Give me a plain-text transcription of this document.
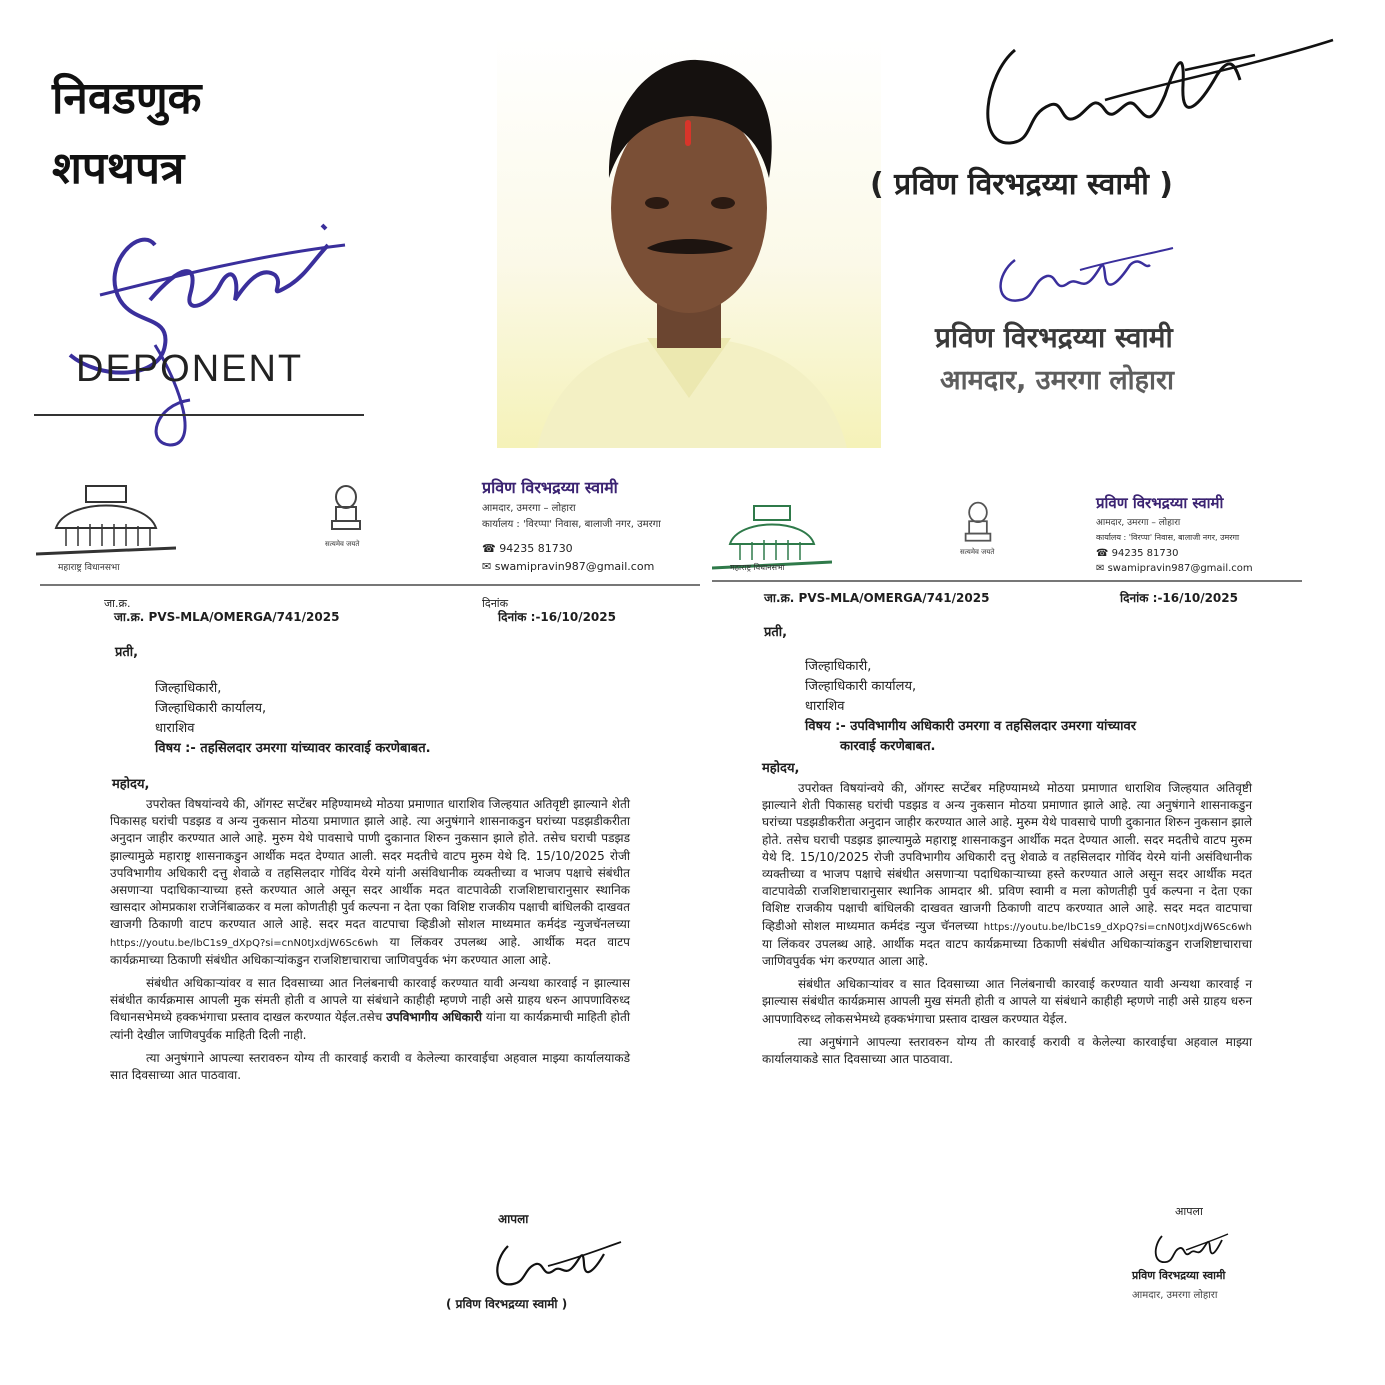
निवडणुक
शपथपत्र
DEPONENT
( प्रविण विरभद्रय्या स्वामी )
प्रविण विरभद्रय्या स्वामी
आमदार, उमरगा लोहारा
महाराष्ट्र विधानसभा
सत्यमेव जयते
प्रविण विरभद्रय्या स्वामी
आमदार, उमरगा – लोहारा
कार्यालय : 'विरप्पा' निवास, बालाजी नगर, उमरगा
☎ 94235 81730
✉ swamipravin987@gmail.com
जा.क्र.
जा.क्र. PVS-MLA/OMERGA/741/2025
दिनांक
दिनांक :-16/10/2025
प्रती,
जिल्हाधिकारी,
जिल्हाधिकारी कार्यालय,
धाराशिव
विषय :- तहसिलदार उमरगा यांच्यावर कारवाई करणेबाबत.
महोदय,

उपरोक्त विषयांन्वये की, ऑगस्ट सप्टेंबर महिण्यामध्ये मोठया प्रमाणात धाराशिव जिल्हयात अतिवृष्टी झाल्याने शेती पिकासह घरांची पडझड व अन्य नुकसान मोठया प्रमाणात झाले आहे. त्या अनुषंगाने शासनाकडुन घरांच्या पडझडीकरीता अनुदान जाहीर करण्यात आले आहे. मुरुम येथे पावसाचे पाणी दुकानात शिरुन नुकसान झाले होते. तसेच घराची पडझड झाल्यामुळे महाराष्ट्र शासनाकडुन आर्थीक मदत देण्यात आली. सदर मदतीचे वाटप मुरुम येथे दि. 15/10/2025 रोजी उपविभागीय अधिकारी दत्तु शेवाळे व तहसिलदार गोविंद येरमे यांनी असंविधानीक व्यक्तीच्या व भाजप पक्षाचे संबंधीत असणाऱ्या पदाधिकाऱ्याच्या हस्ते करण्यात आले असून सदर आर्थीक मदत वाटपावेळी राजशिष्टाचारानुसार स्थानिक खासदार ओमप्रकाश राजेनिंबाळकर व मला कोणतीही पुर्व कल्पना न देता एका विशिष्ट राजकीय पक्षाची बांधिलकी दाखवत खाजगी ठिकाणी वाटप करण्यात आले आहे. सदर मदत वाटपाचा व्हिडीओ सोशल माध्यमात कर्मदंड न्युजचॅनलच्या https://youtu.be/lbC1s9_dXpQ?si=cnN0tJxdjW6Sc6wh या लिंकवर उपलब्ध आहे. आर्थीक मदत वाटप कार्यक्रमाच्या ठिकाणी संबंधीत अधिकाऱ्यांकडुन राजशिष्टाचाराचा जाणिवपुर्वक भंग करण्यात आला आहे.

संबंधीत अधिकाऱ्यांवर व सात दिवसाच्या आत निलंबनाची कारवाई करण्यात यावी अन्यथा कारवाई न झाल्यास संबंधीत कार्यक्रमास आपली मुक संमती होती व आपले या संबंधाने काहीही म्हणणे नाही असे ग्राहय धरुन आपणाविरुध्द विधानसभेमध्ये हक्कभंगाचा प्रस्ताव दाखल करण्यात येईल.तसेच उपविभागीय अधिकारी यांना या कार्यक्रमाची माहिती होती त्यांनी देखील जाणिवपुर्वक माहिती दिली नाही.

त्या अनुषंगाने आपल्या स्तरावरुन योग्य ती कारवाई करावी व केलेल्या कारवाईचा अहवाल माझ्या कार्यालयाकडे सात दिवसाच्या आत पाठवावा.

आपला
( प्रविण विरभद्रय्या स्वामी )
महाराष्ट्र विधानसभा
सत्यमेव जयते
प्रविण विरभद्रय्या स्वामी
आमदार, उमरगा – लोहारा
कार्यालय : 'विरप्पा' निवास, बालाजी नगर, उमरगा
☎ 94235 81730
✉ swamipravin987@gmail.com
जा.क्र. PVS-MLA/OMERGA/741/2025	दिनांक :-16/10/2025
प्रती,
जिल्हाधिकारी,
जिल्हाधिकारी कार्यालय,
धाराशिव
विषय :- उपविभागीय अधिकारी उमरगा व तहसिलदार उमरगा यांच्यावर
कारवाई करणेबाबत.
महोदय,

उपरोक्त विषयांन्वये की, ऑगस्ट सप्टेंबर महिण्यामध्ये मोठया प्रमाणात धाराशिव जिल्हयात अतिवृष्टी झाल्याने शेती पिकासह घरांची पडझड व अन्य नुकसान मोठया प्रमाणात झाले आहे. त्या अनुषंगाने शासनाकडुन घरांच्या पडझडीकरीता अनुदान जाहीर करण्यात आले आहे. मुरुम येथे पावसाचे पाणी दुकानात शिरुन नुकसान झाले होते. तसेच घराची पडझड झाल्यामुळे महाराष्ट्र शासनाकडुन आर्थीक मदत देण्यात आली. सदर मदतीचे वाटप मुरुम येथे दि. 15/10/2025 रोजी उपविभागीय अधिकारी दत्तु शेवाळे व तहसिलदार गोविंद येरमे यांनी असंविधानीक व्यक्तीच्या व भाजप पक्षाचे संबंधीत असणाऱ्या पदाधिकाऱ्याच्या हस्ते करण्यात आले असून सदर आर्थीक मदत वाटपावेळी राजशिष्टाचारानुसार स्थानिक आमदार श्री. प्रविण स्वामी व मला कोणतीही पुर्व कल्पना न देता एका विशिष्ट राजकीय पक्षाची बांधिलकी दाखवत खाजगी ठिकाणी वाटप करण्यात आले आहे. सदर मदत वाटपाचा व्हिडीओ सोशल माध्यमात कर्मदंड न्युज चॅनलच्या https://youtu.be/lbC1s9_dXpQ?si=cnN0tJxdjW6Sc6wh या लिंकवर उपलब्ध आहे. आर्थीक मदत वाटप कार्यक्रमाच्या ठिकाणी संबंधीत अधिकाऱ्यांकडुन राजशिष्टाचाराचा जाणिवपुर्वक भंग करण्यात आला आहे.

संबंधीत अधिकाऱ्यांवर व सात दिवसाच्या आत निलंबनाची कारवाई करण्यात यावी अन्यथा कारवाई न झाल्यास संबंधीत कार्यक्रमास आपली मुख संमती होती व आपले या संबंधाने काहीही म्हणणे नाही असे ग्राहय धरुन आपणाविरुध्द लोकसभेमध्ये हक्कभंगाचा प्रस्ताव दाखल करण्यात येईल.

त्या अनुषंगाने आपल्या स्तरावरुन योग्य ती कारवाई करावी व केलेल्या कारवाईचा अहवाल माझ्या कार्यालयाकडे सात दिवसाच्या आत पाठवावा.

आपला
प्रविण विरभद्रय्या स्वामी
आमदार, उमरगा लोहारा
